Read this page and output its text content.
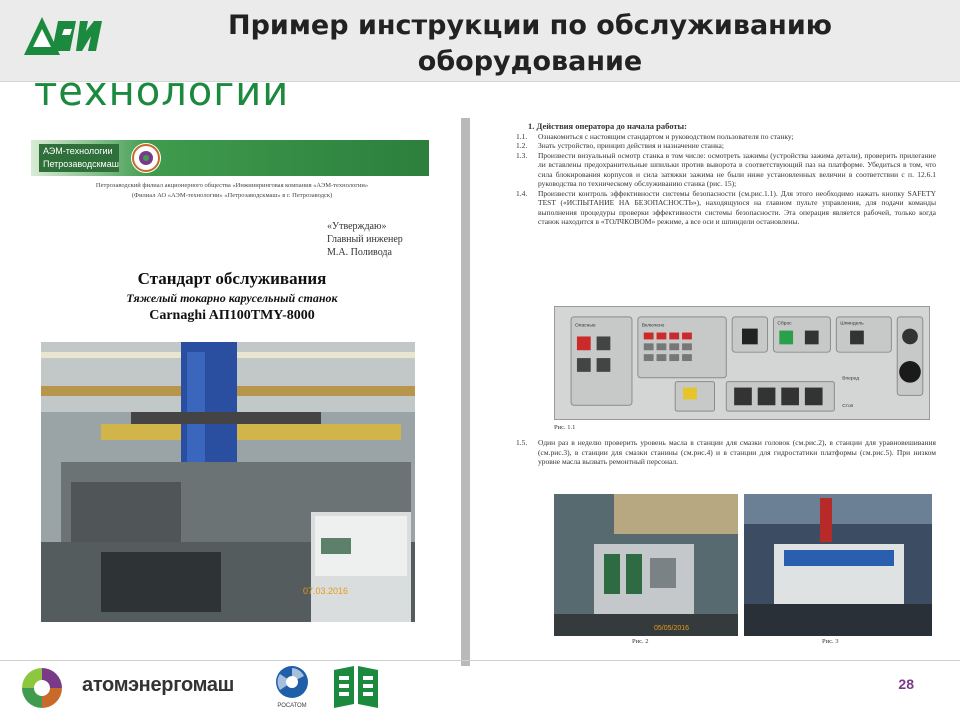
Пример инструкции по обслуживанию
оборудование
технологии
АЭМ-технологии
Петрозаводскмаш
Петрозаводский филиал акционерного общества «Инжиниринговая компания «АЭМ-технологии»
(Филиал АО «АЭМ-технологии» «Петрозаводскмаш» в г. Петрозаводск)
«Утверждаю»
Главный инженер
М.А. Поливода
Стандарт обслуживания
Тяжелый токарно карусельный станок
Carnaghi AП100TMY-8000
07.03.2016
1. Действия оператора до начала работы:
1.1.	Ознакомиться с настоящим стандартом и руководством пользователя по станку;
1.2.	Знать устройство, принцип действия и назначение станка;
1.3.	Произвести визуальный осмотр станка в том числе: осмотреть зажимы (устройства зажима детали), проверить прилегание ли вставлены предохранительные шпильки против выворота в соответствующий паз на платформе. Убедиться в том, что сила блокирования корпусов и сила затяжки зажима не были ниже установленных величин в соответствии с п. 12.6.1 руководства по техническому обслуживанию станка (рис. 15);
1.4.	Произвести контроль эффективности системы безопасности (см.рис.1.1). Для этого необходимо нажать кнопку SAFETY TEST («ИСПЫТАНИЕ НА БЕЗОПАСНОСТЬ»), находящуюся на главном пульте управления, для подачи команды выполнения процедуры проверки эффективности системы безопасности. Эта операция является рабочей, только когда станок находится в «ТОЛЧКОВОМ» режиме, а все оси и шпиндели остановлены.
Опасные	Включено	Сброс	Шпиндель
Вперед
Стоп
Рис. 1.1
1.5.	Один раз в неделю проверить уровень масла в станции для смазки головок (см.рис.2), в станции для уравновешивания (см.рис.3), в станции для смазки станины (см.рис.4) и в станции для гидростатики платформы (см.рис.5). При низком уровне масла вызвать ремонтный персонал.
05/05/2016
Рис. 2	Рис. 3
атомэнергомаш
РОСАТОМ
28
